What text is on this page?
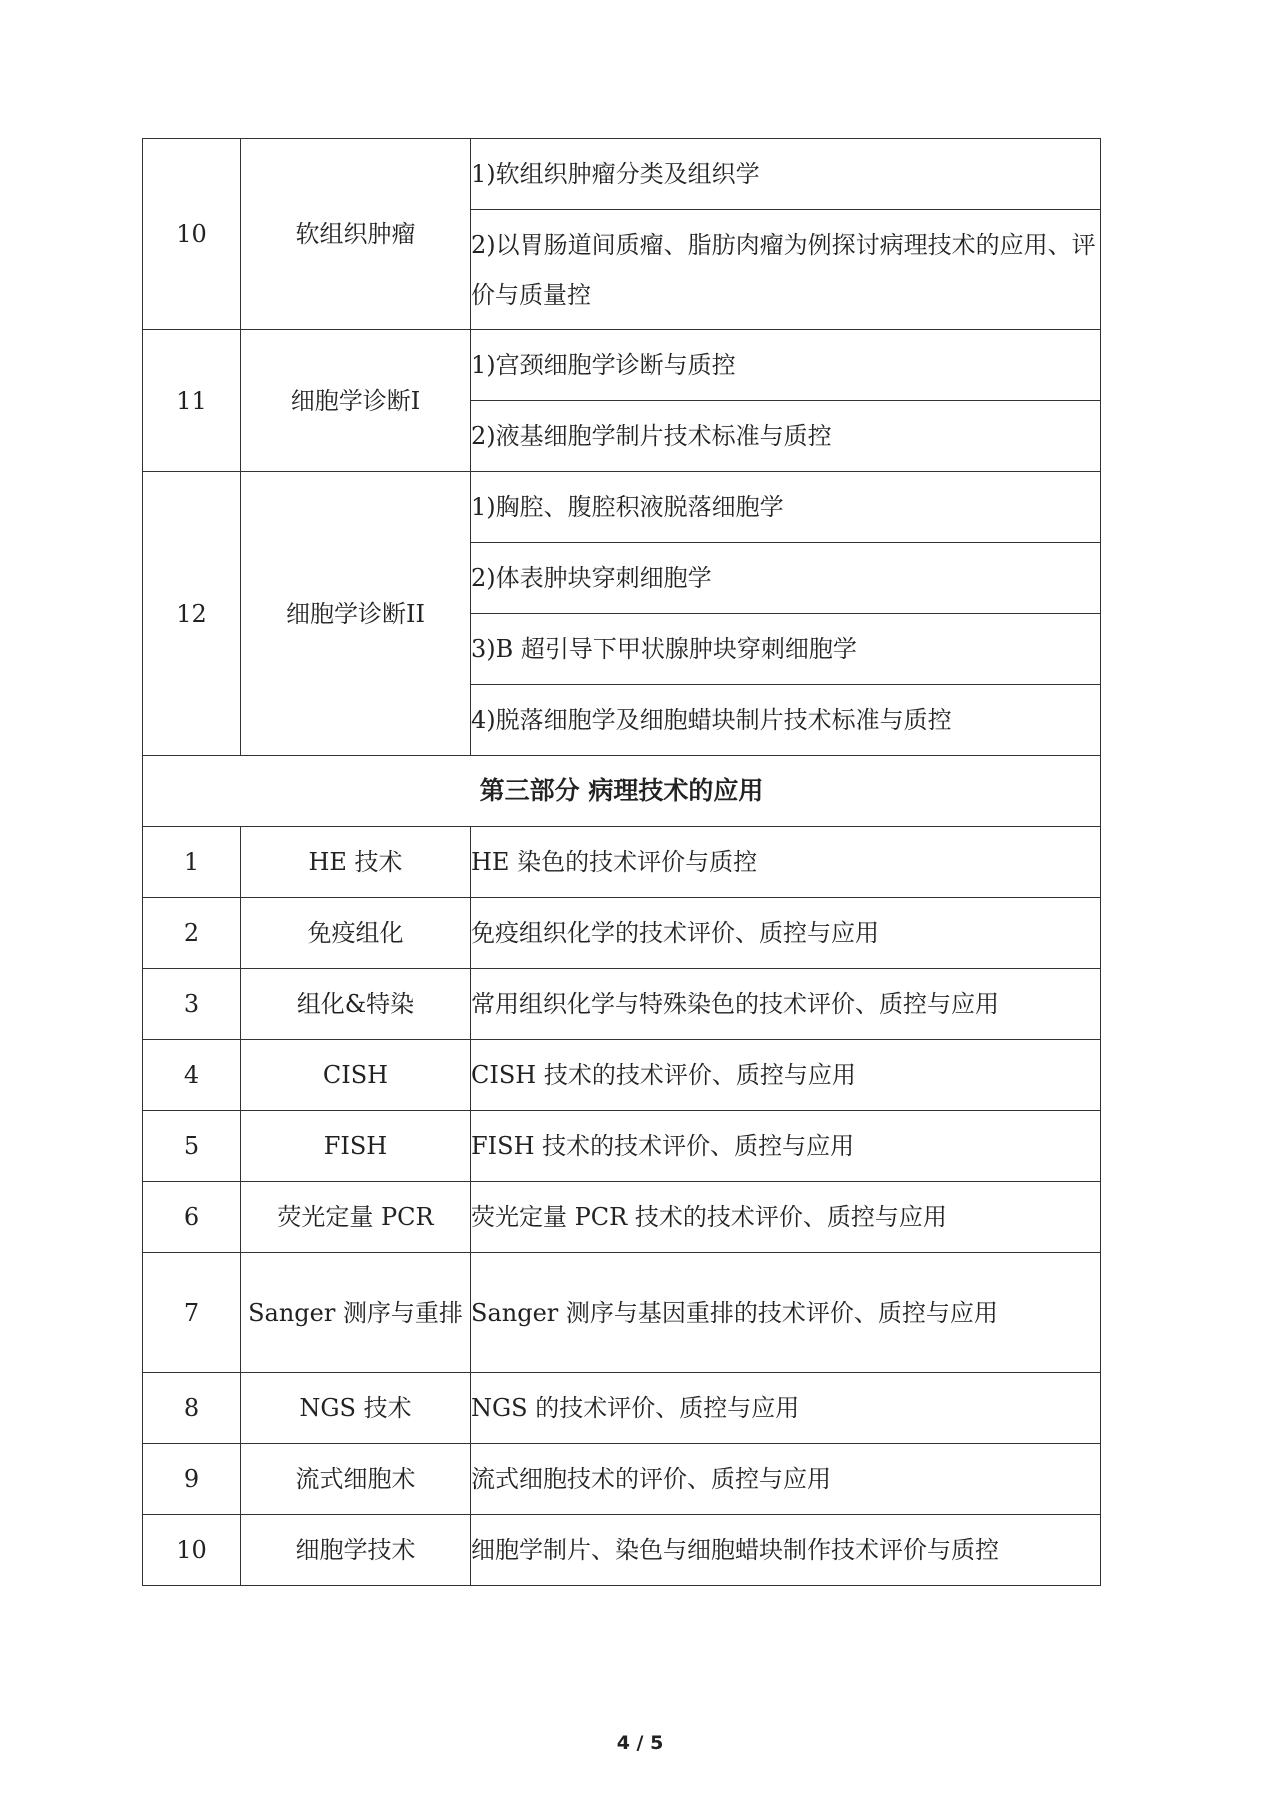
10	软组织肿瘤	1)软组织肿瘤分类及组织学
		2)以胃肠道间质瘤、脂肪肉瘤为例探讨病理技术的应用、评价与质量控
11	细胞学诊断I	1)宫颈细胞学诊断与质控
		2)液基细胞学制片技术标准与质控
12	细胞学诊断II	1)胸腔、腹腔积液脱落细胞学
		2)体表肿块穿刺细胞学
		3)B 超引导下甲状腺肿块穿刺细胞学
		4)脱落细胞学及细胞蜡块制片技术标准与质控
第三部分 病理技术的应用		
1	HE 技术	HE 染色的技术评价与质控
2	免疫组化	免疫组织化学的技术评价、质控与应用
3	组化&特染	常用组织化学与特殊染色的技术评价、质控与应用
4	CISH	CISH 技术的技术评价、质控与应用
5	FISH	FISH 技术的技术评价、质控与应用
6	荧光定量 PCR	荧光定量 PCR 技术的技术评价、质控与应用
7	Sanger 测序与重排	Sanger 测序与基因重排的技术评价、质控与应用
8	NGS 技术	NGS 的技术评价、质控与应用
9	流式细胞术	流式细胞技术的评价、质控与应用
10	细胞学技术	细胞学制片、染色与细胞蜡块制作技术评价与质控
4 / 5
